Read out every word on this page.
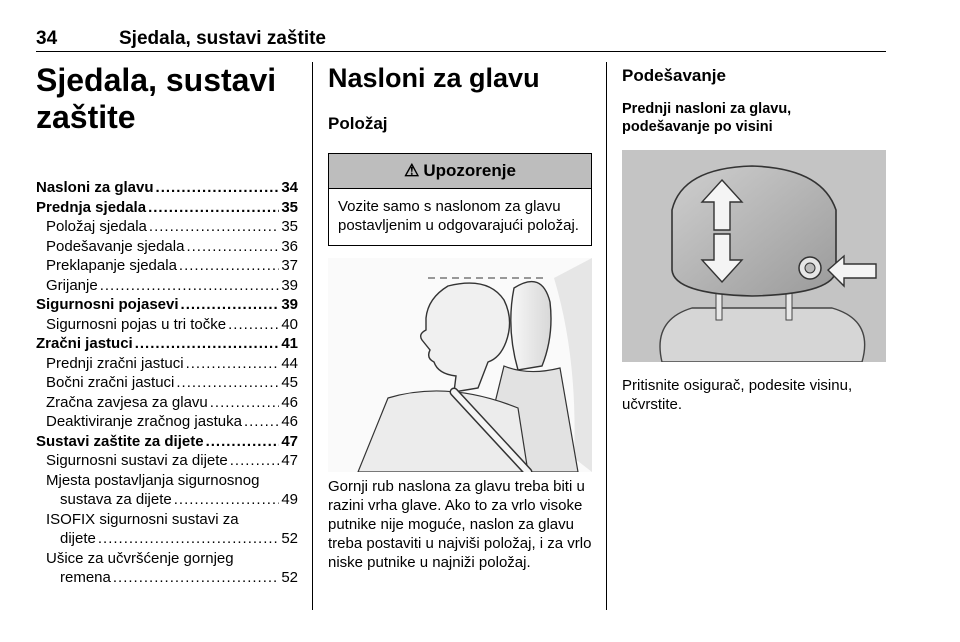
34	Sjedala, sustavi zaštite
Sjedala, sustavi
zaštite
Nasloni za glavu .....	34
Prednja sjedala .....	35
Položaj sjedala .....	35
Podešavanje sjedala .....	36
Preklapanje sjedala .....	37
Grijanje .....	39
Sigurnosni pojasevi .....	39
Sigurnosni pojas u tri točke .....	40
Zračni jastuci .....	41
Prednji zračni jastuci .....	44
Bočni zračni jastuci .....	45
Zračna zavjesa za glavu .....	46
Deaktiviranje zračnog jastuka .....	46
Sustavi zaštite za dijete .....	47
Sigurnosni sustavi za dijete .....	47
Mjesta postavljanja sigurnosnog
sustava za dijete .....	49
ISOFIX sigurnosni sustavi za
dijete .....	52
Ušice za učvršćenje gornjeg
remena .....	52
Nasloni za glavu
Položaj
⚠ Upozorenje
Vozite samo s naslonom za glavu postavljenim u odgovarajući položaj.
Gornji rub naslona za glavu treba biti u razini vrha glave. Ako to za vrlo visoke putnike nije moguće, naslon za glavu treba postaviti u najviši položaj, i za vrlo niske putnike u najniži položaj.
Podešavanje
Prednji nasloni za glavu,
podešavanje po visini
Pritisnite osigurač, podesite visinu, učvrstite.
